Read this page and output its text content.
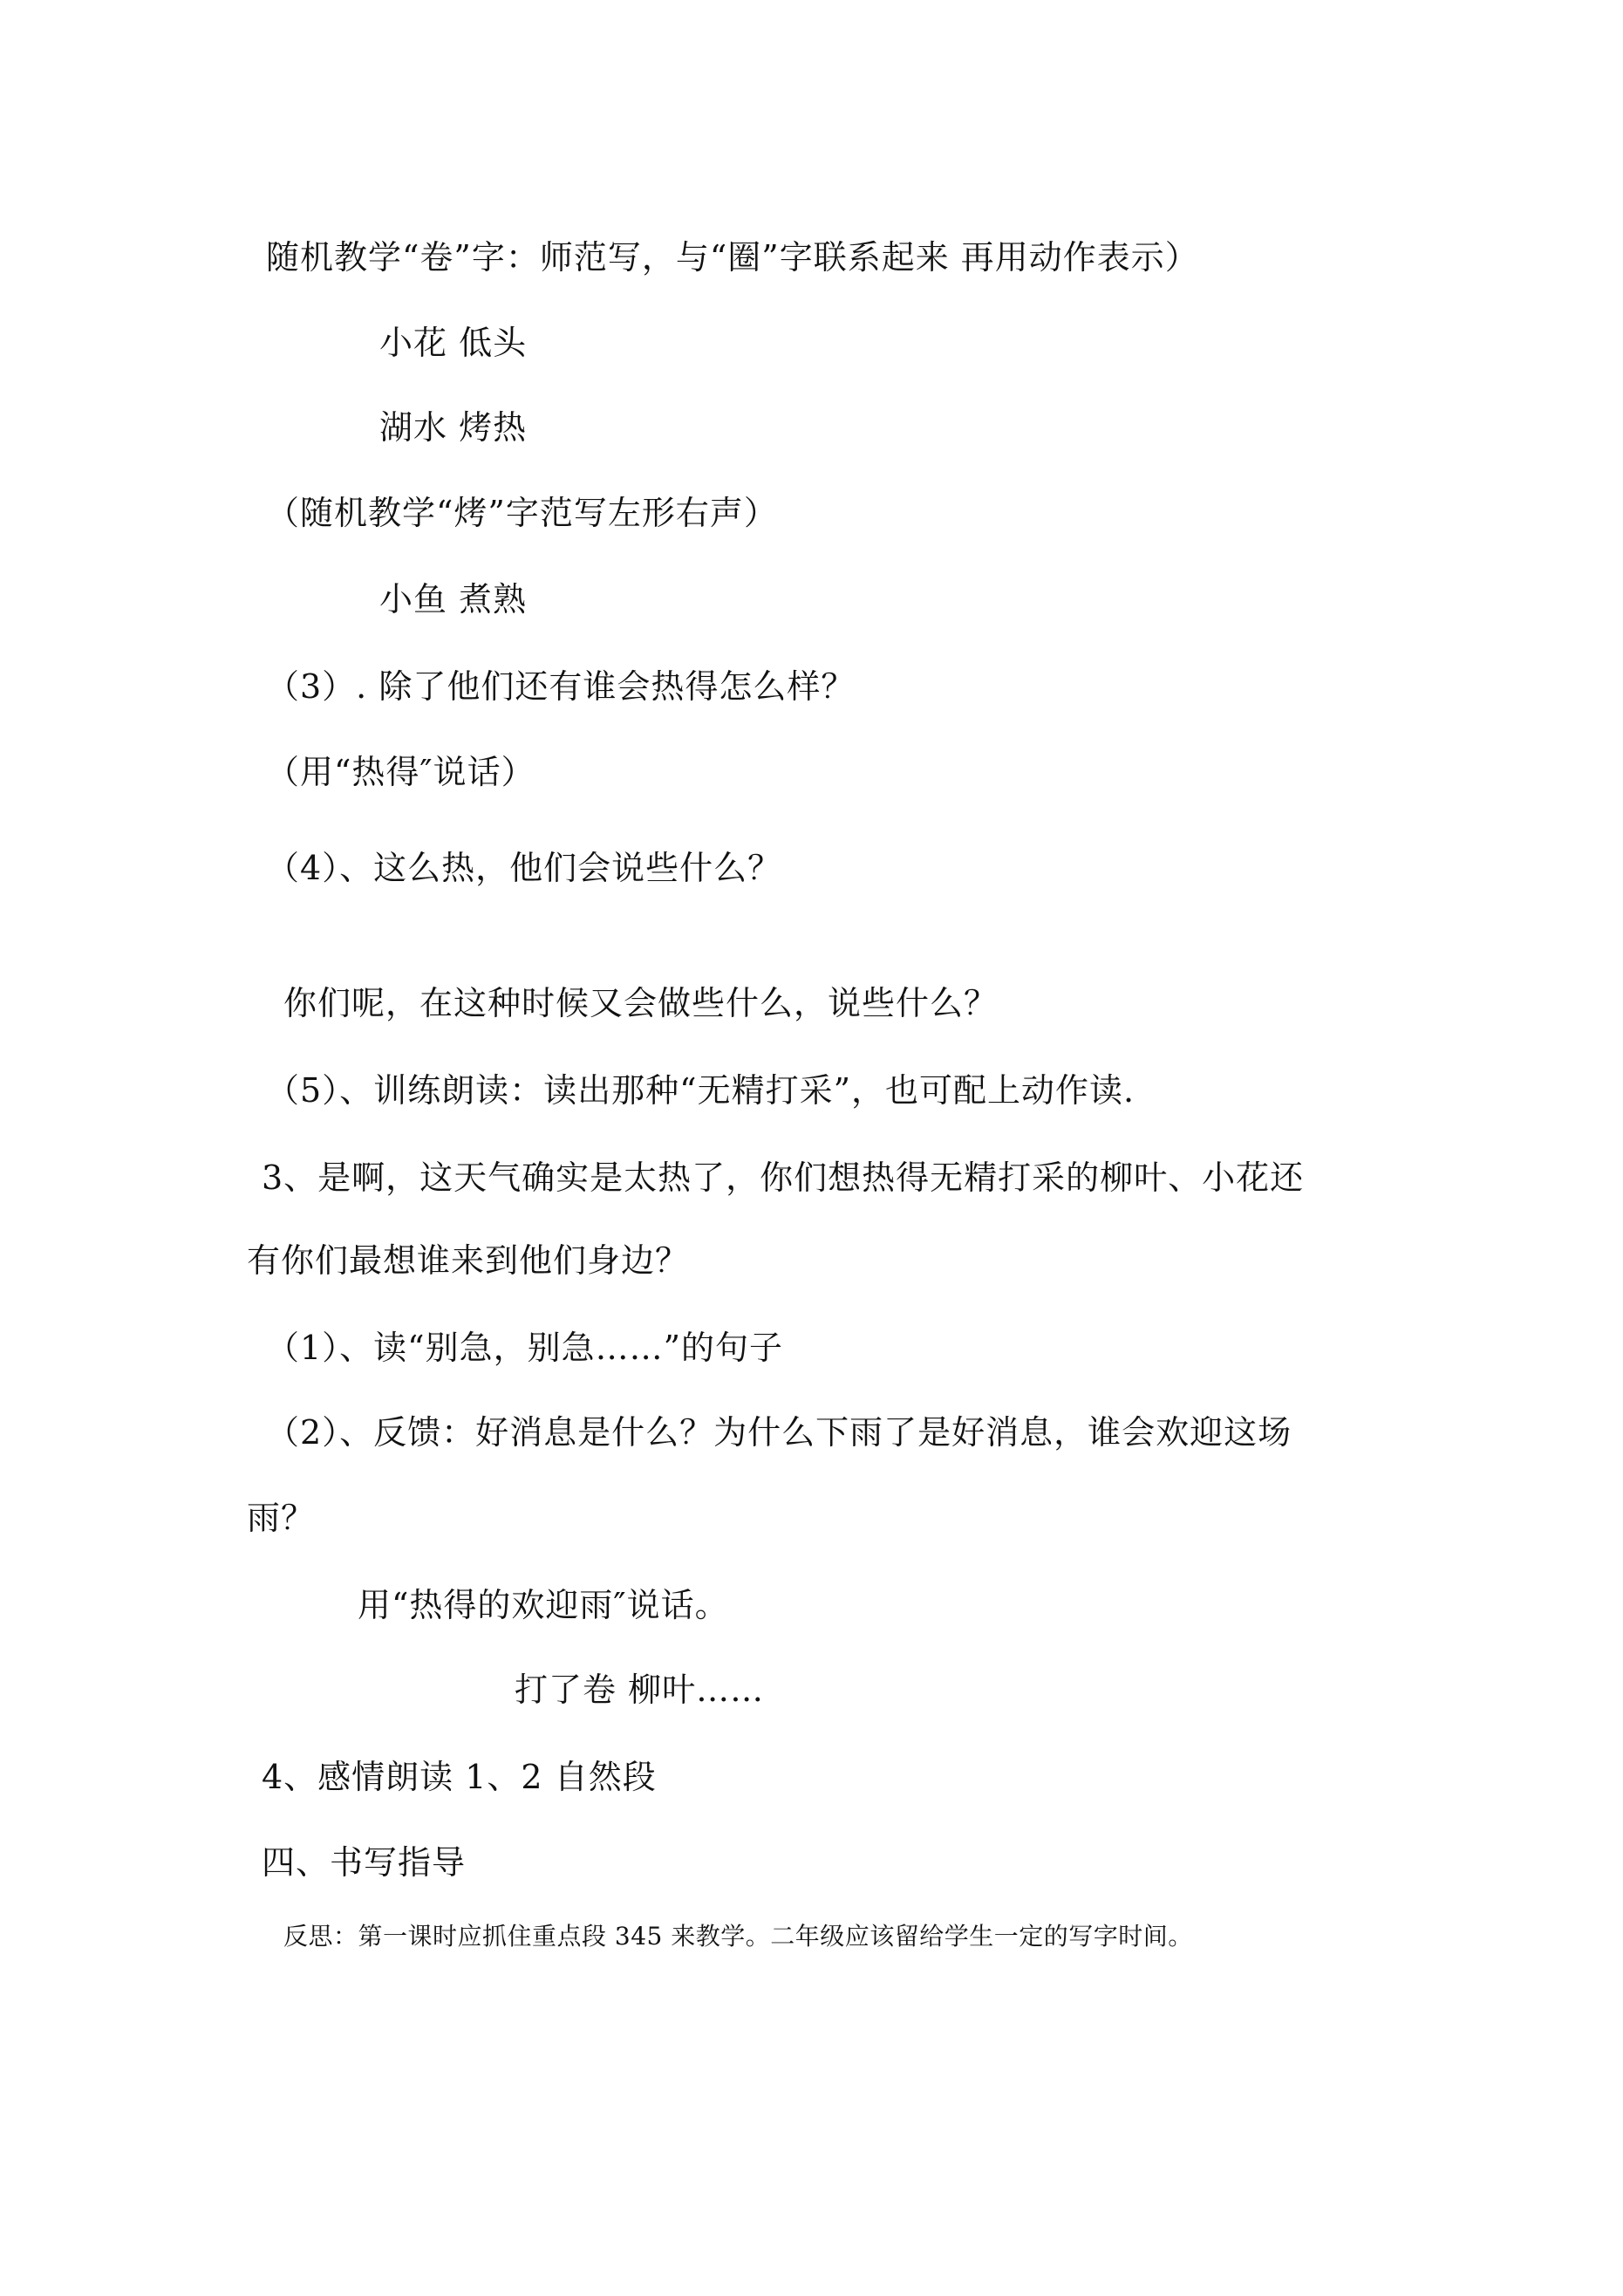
随机教学“卷”字：师范写，与“圈”字联系起来 再用动作表示）
小花 低头
湖水 烤热
（随机教学“烤”字范写左形右声）
小鱼 煮熟
（3）. 除了他们还有谁会热得怎么样？
（用“热得″说话）
（4）、这么热，他们会说些什么？
你们呢，在这种时候又会做些什么，说些什么？
（5）、训练朗读：读出那种“无精打采”，也可配上动作读.
3、是啊，这天气确实是太热了，你们想热得无精打采的柳叶、小花还
有你们最想谁来到他们身边？
（1）、读“别急，别急……”的句子
（2）、反馈：好消息是什么？为什么下雨了是好消息，谁会欢迎这场
雨？
用“热得的欢迎雨″说话。
打了卷 柳叶……
4、感情朗读 1、2 自然段
四、书写指导
反思：第一课时应抓住重点段 345 来教学。二年级应该留给学生一定的写字时间。
